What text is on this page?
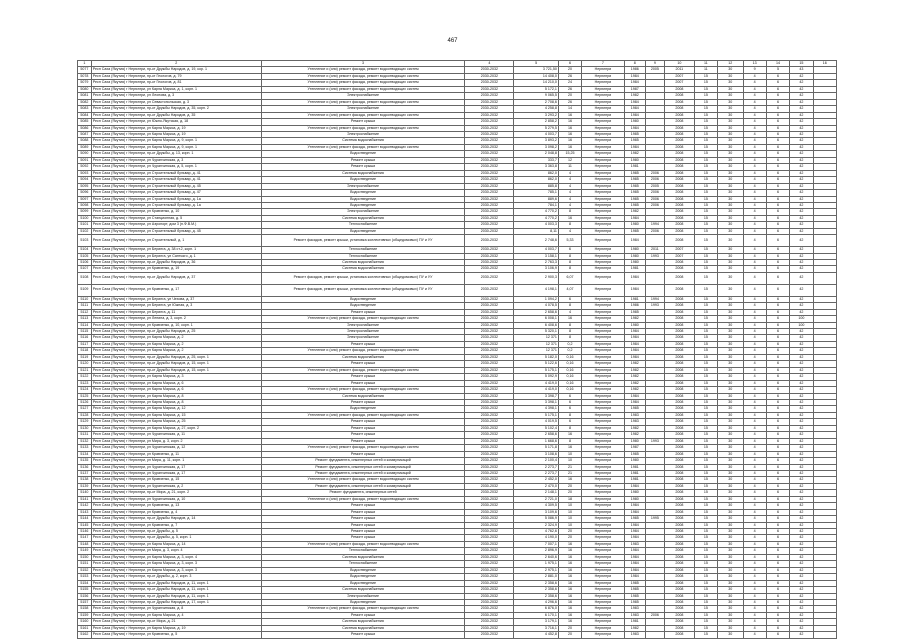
467
1	2	3	4	5	6	7	8	9	10	11	12	13	14	15	16
5077	Респ Саха (Якутия) г Нерюнгри, пр-кт Дружбы Народов, д. 19, кор. 1	Утепление и (или) ремонт фасада, ремонт водоотводящих систем	2030-2032	3 721,50	20	Нерюнгри	1986	2005	2011	11	30	9	5	43	
5078	Респ Саха (Якутия) г Нерюнгри, пр-кт Геологов, д. 79	Утепление и (или) ремонт фасада, ремонт водоотводящих систем	2030-2032	14 408,0	26	Нерюнгри	1984		2007	15	30	4	6	42	
5079	Респ Саха (Якутия) г Нерюнгри, пр-кт Геологов, д. 81	Утепление и (или) ремонт фасада, ремонт водоотводящих систем	2030-2032	14 210,0	24	Нерюнгри	1984		2007	15	30	4	6	42	
5080	Респ Саха (Якутия) г Нерюнгри, ул Карла Маркса, д. 1, корп. 1	Утепление и (или) ремонт фасада, ремонт водоотводящих систем	2030-2032	5 172,1	26	Нерюнгри	1987		2008	15	30	4	6	42	
5081	Респ Саха (Якутия) г Нерюнгри, ул Леонова, д. 3	Электроснабжение	2030-2032	9 065,5	20	Нерюнгри	1982		2008	15	30	4	6	42	
5082	Респ Саха (Якутия) г Нерюнгри, ул Севастопольская, д. 3	Утепление и (или) ремонт фасада, ремонт водоотводящих систем	2030-2032	2 708,6	26	Нерюнгри	1984		2008	15	30	4	6	42	
5083	Респ Саха (Якутия) г Нерюнгри, пр-кт Дружбы Народов, д. 35, корп. 2	Электроснабжение	2030-2032	4 258,8	14	Нерюнгри	1984		2008	15	30	4	6	42	
5084	Респ Саха (Якутия) г Нерюнгри, пр-кт Дружбы Народов, д. 35	Утепление и (или) ремонт фасада, ремонт водоотводящих систем	2030-2032	3 293,2	16	Нерюнгри	1984		2008	15	30	4	6	42	
5085	Респ Саха (Якутия) г Нерюнгри, ул Южно-Якутская, д. 18	Ремонт крыши	2030-2032	2 858,2	16	Нерюнгри	1980		2008	15	30	4	6	42	
5086	Респ Саха (Якутия) г Нерюнгри, ул Карла Маркса, д. 19	Утепление и (или) ремонт фасада, ремонт водоотводящих систем	2030-2032	5 279,5	16	Нерюнгри	1984		2008	15	30	4	6	42	
5087	Респ Саха (Якутия) г Нерюнгри, ул Карла Маркса, д. 19	Электроснабжение	2030-2032	4 003,7	16	Нерюнгри	1985		2008	15	30	4	6	42	
5088	Респ Саха (Якутия) г Нерюнгри, ул Карла Маркса, д. 9, корп. 1	Система водоснабжения	2030-2032	3 893,2	16	Нерюнгри	1985		2008	15	30	4	6	42	
5089	Респ Саха (Якутия) г Нерюнгри, ул Карла Маркса, д. 9, корп. 1	Утепление и (или) ремонт фасада, ремонт водоотводящих систем	2030-2032	3 098,2	16	Нерюнгри	1984		2008	15	30	4	6	42	
5090	Респ Саха (Якутия) г Нерюнгри, пр-кт Дружбы, д. 13, корп. 1	Водоотведение	2030-2032	2 048,8	15,25	Нерюнгри	1982		2008	15	30	4	6	42	
5091	Респ Саха (Якутия) г Нерюнгри, ул Чурапчинская, д. 3	Ремонт крыши	2030-2032	333,7	12	Нерюнгри	1980		2008	15	30	4	6	42	
5092	Респ Саха (Якутия) г Нерюнгри, ул Чурапчинская, д. 5, корп. 1	Ремонт крыши	2030-2032	3 363,8	11	Нерюнгри	1981		2008	15	30	4	6	42	
5093	Респ Саха (Якутия) г Нерюнгри, ул Строительный бульвар, д. 41	Система водоснабжения	2030-2032	862,0	4	Нерюнгри	1985	2006	2008	15	30	4	6	42	
5094	Респ Саха (Якутия) г Нерюнгри, ул Строительный бульвар, д. 41	Водоотведение	2030-2032	862,0	4	Нерюнгри	1985	2006	2008	15	30	4	6	42	
5095	Респ Саха (Якутия) г Нерюнгри, ул Строительный бульвар, д. 45	Электроснабжение	2030-2032	885,8	4	Нерюнгри	1985	2005	2008	15	30	4	6	42	
5096	Респ Саха (Якутия) г Нерюнгри, ул Строительный бульвар, д. 47	Водоотведение	2030-2032	785,1	4	Нерюнгри	1985	2006	2008	15	30	4	6	42	
5097	Респ Саха (Якутия) г Нерюнгри, ул Строительный бульвар, д. 1а	Водоотведение	2030-2032	889,6	4	Нерюнгри	1985	2006	2008	15	30	4	6	42	
5098	Респ Саха (Якутия) г Нерюнгри, ул Строительный бульвар, д. 1а	Водоотведение	2030-2032	784,1	4	Нерюнгри	1985	2006	2008	15	30	4	6	42	
5099	Респ Саха (Якутия) г Нерюнгри, ул Кравченко, д. 10	Электроснабжение	2030-2032	4 770,2	8	Нерюнгри	1982		2008	15	30	4	6	42	
5100	Респ Саха (Якутия) г Нерюнгри, ул Станционная, д. 5	Система водоснабжения	2030-2032	4 770,2	16	Нерюнгри	1984		2008	15	30	4	6	42	
5101	Респ Саха (Якутия) г Нерюнгри, ул Аэропорт, дом 3 (п.Ф.В.М.)	Теплоснабжение	2030-2032	4 003,3	8	Нерюнгри	1980	1994	2008	15	30	4	6	42	
5102	Респ Саха (Якутия) г Нерюнгри, ул Строительный бульвар, д. 45	Водоотведение	2030-2032	8,11	4	Нерюнгри	1985	2006	2008	15	30	4	6	42	
5103	Респ Саха (Якутия) г Нерюнгри, ул Строительный, д. 1	Ремонт фасадов, ремонт крыши, установка коллективных (общедомовых) ПУ и УУ	2030-2032	2 748,6	5,33	Нерюнгри	1984		2008	15	30	4	6	42	
5104	Респ Саха (Якутия) г Нерюнгри, ул Беринга, д. 38 ст.2, корп. 1	Теплоснабжение	2030-2032	4 003,7	6	Нерюнгри	1980	2011	2007	15	30	4	6	42	
5105	Респ Саха (Якутия) г Нерюнгри, ул Беринга, ул Сантьяго, д. 1	Теплоснабжение	2030-2032	3 158,1	8	Нерюнгри	1980	1993	2007	15	30	4	6	42	
5106	Респ Саха (Якутия) г Нерюнгри, пр-кт Дружбы Народов, д. 36	Система водоснабжения	2030-2032	2 763,3	8	Нерюнгри	1980		2008	15	30	4	6	42	
5107	Респ Саха (Якутия) г Нерюнгри, ул Кравченко, д. 19	Система водоснабжения	2030-2032	3 106,9	8	Нерюнгри	1981		2008	15	30	4	6	42	
5108	Респ Саха (Якутия) г Нерюнгри, пр-кт Дружбы Народов, д. 37	Ремонт фасадов, ремонт крыши, установка коллективных (общедомовых) ПУ и УУ	2030-2032	2 900,3	6,07	Нерюнгри	1984		2008	15	30	4	6	42	
5109	Респ Саха (Якутия) г Нерюнгри, ул Кравченко, д. 17	Ремонт фасадов, ремонт крыши, установка коллективных (общедомовых) ПУ и УУ	2030-2032	4 198,1	4,07	Нерюнгри	1984		2008	15	30	4	6	42	
5110	Респ Саха (Якутия) г Нерюнгри, ул Беринга, ул Чехова, д. 37	Водоотведение	2030-2032	1 094,2	6	Нерюнгри	1981	1994	2008	15	30	4	6	42	
5111	Респ Саха (Якутия) г Нерюнгри, ул Беринга, ул Южная, д. 3	Водоотведение	2030-2032	4 078,5	8	Нерюнгри	1986	1993	2008	15	30	4	6	42	
5112	Респ Саха (Якутия) г Нерюнгри, ул Беринга, д. 11	Ремонт крыши	2030-2032	2 658,6	4	Нерюнгри	1985		2008	15	30	4	6	42	
5113	Респ Саха (Якутия) г Нерюнгри, ул Ленина, д. 3, корп. 2	Утепление и (или) ремонт фасада, ремонт водоотводящих систем	2030-2032	6 008,1	16	Нерюнгри	1982		2008	15	30	4	6	100	
5114	Респ Саха (Якутия) г Нерюнгри, ул Кравченко, д. 10, корп. 1	Электроснабжение	2030-2032	6 408,6	8	Нерюнгри	1980		2008	15	30	4	6	100	
5115	Респ Саха (Якутия) г Нерюнгри, пр-кт Дружбы Народов, д. 25	Электроснабжение	2030-2032	5 320,1	8	Нерюнгри	1984		2008	15	30	4	6	42	
5116	Респ Саха (Якутия) г Нерюнгри, ул Карла Маркса, д. 2	Электроснабжение	2030-2032	12 371	8	Нерюнгри	1984		2008	15	30	4	6	42	
5117	Респ Саха (Якутия) г Нерюнгри, ул Карла Маркса, д. 2	Ремонт крыши	2030-2032	12 371	0,2	Нерюнгри	1984		2008	15	30	4	6	42	
5118	Респ Саха (Якутия) г Нерюнгри, ул Карла Маркса, д. 2	Утепление и (или) ремонт фасада, ремонт водоотводящих систем	2030-2032	12 371	0,2	Нерюнгри	1984		2008	15	30	4	6	42	
5119	Респ Саха (Якутия) г Нерюнгри, пр-кт Дружбы Народов, д. 25, корп. 1	Система водоснабжения	2030-2032	5 182,0	0,16	Нерюнгри	1984		2008	15	30	4	6	42	
5120	Респ Саха (Якутия) г Нерюнгри, пр-кт Дружбы Народов, д. 15, корп. 1	Ремонт крыши	2030-2032	5 122,6	0,16	Нерюнгри	1982		2008	15	30	4	6	42	
5121	Респ Саха (Якутия) г Нерюнгри, пр-кт Дружбы Народов, д. 15, корп. 1	Утепление и (или) ремонт фасада, ремонт водоотводящих систем	2030-2032	5 175,1	0,16	Нерюнгри	1982		2008	15	30	4	6	42	
5122	Респ Саха (Якутия) г Нерюнгри, ул Карла Маркса, д. 3	Ремонт крыши	2030-2032	5 092,9	0,16	Нерюнгри	1982		2008	15	30	4	6	42	
5123	Респ Саха (Якутия) г Нерюнгри, ул Карла Маркса, д. 6	Ремонт крыши	2030-2032	4 419,0	0,16	Нерюнгри	1982		2008	15	30	4	6	42	
5124	Респ Саха (Якутия) г Нерюнгри, ул Карла Маркса, д. 6	Утепление и (или) ремонт фасада, ремонт водоотводящих систем	2030-2032	4 419,0	0,16	Нерюнгри	1982		2008	15	30	4	6	42	
5125	Респ Саха (Якутия) г Нерюнгри, ул Карла Маркса, д. 8	Система водоснабжения	2030-2032	3 398,7	6	Нерюнгри	1984		2008	15	30	4	6	42	
5126	Респ Саха (Якутия) г Нерюнгри, ул Карла Маркса, д. 8	Ремонт крыши	2030-2032	3 398,1	6	Нерюнгри	1984		2008	15	30	4	6	42	
5127	Респ Саха (Якутия) г Нерюнгри, ул Карла Маркса, д. 12	Водоотведение	2030-2032	4 398,1	6	Нерюнгри	1985		2008	15	30	4	6	42	
5128	Респ Саха (Якутия) г Нерюнгри, ул Карла Маркса, д. 15	Утепление и (или) ремонт фасада, ремонт водоотводящих систем	2030-2032	5 175,1	8	Нерюнгри	1983		2008	15	30	4	6	42	
5129	Респ Саха (Якутия) г Нерюнгри, ул Карла Маркса, д. 25	Ремонт крыши	2030-2032	4 019,5	6	Нерюнгри	1983		2008	15	30	4	6	42	
5130	Респ Саха (Якутия) г Нерюнгри, ул Карла Маркса, д. 27, корп. 2	Ремонт крыши	2030-2032	5 102,4	8	Нерюнгри	1982		2008	15	30	4	6	42	
5131	Респ Саха (Якутия) г Нерюнгри, ул Чурапчинская, д. 11	Ремонт крыши	2030-2032	2 658,6	16	Нерюнгри	1982		2008	15	30	4	6	42	
5132	Респ Саха (Якутия) г Нерюнгри, ул Мира, д. 3, корп. 2	Ремонт крыши	2030-2032	1 668,6	8	Нерюнгри	1980	1993	2008	15	30	4	6	42	
5133	Респ Саха (Якутия) г Нерюнгри, ул Чурапчинская, д. 12	Утепление и (или) ремонт фасада, ремонт водоотводящих систем	2030-2032	5 171,8	16	Нерюнгри	1987		2008	15	30	4	6	42	
5134	Респ Саха (Якутия) г Нерюнгри, ул Кравченко, д. 11	Ремонт крыши	2030-2032	3 108,6	10	Нерюнгри	1985		2008	15	30	4	6	42	
5135	Респ Саха (Якутия) г Нерюнгри, ул Мира, д. 11, корп. 1	Ремонт фундамента, инженерных сетей и коммуникаций	2030-2032	2 100,4	10	Нерюнгри	1980		2008	15	30	4	6	42	
5136	Респ Саха (Якутия) г Нерюнгри, ул Чурапчинская, д. 17	Ремонт фундамента, инженерных сетей и коммуникаций	2030-2032	2 273,7	21	Нерюнгри	1981		2008	15	30	4	6	42	
5137	Респ Саха (Якутия) г Нерюнгри, ул Чурапчинская, д. 17	Ремонт фундамента, инженерных сетей и коммуникаций	2030-2032	2 273,7	21	Нерюнгри	1981		2008	15	30	4	6	42	
5138	Респ Саха (Якутия) г Нерюнгри, ул Кравченко, д. 15	Утепление и (или) ремонт фасада, ремонт водоотводящих систем	2030-2032	2 452,0	16	Нерюнгри	1981		2008	15	30	4	6	42	
5139	Респ Саха (Якутия) г Нерюнгри, ул Чурапчинская, д. 2	Ремонт фундамента, инженерных сетей и коммуникаций	2030-2032	2 470,0	20	Нерюнгри	1984		2008	15	30	4	6	42	
5140	Респ Саха (Якутия) г Нерюнгри, пр-кт Мира, д. 21, корп. 2	Ремонт фундамента, инженерных сетей	2030-2032	2 148,1	20	Нерюнгри	1980		2008	15	30	4	6	42	
5141	Респ Саха (Якутия) г Нерюнгри, ул Чурапчинская, д. 10	Утепление и (или) ремонт фасада, ремонт водоотводящих систем	2030-2032	2 721,0	18	Нерюнгри	1980		2008	15	30	4	6	42	
5142	Респ Саха (Якутия) г Нерюнгри, ул Кравченко, д. 13	Ремонт крыши	2030-2032	4 309,5	10	Нерюнгри	1984		2008	15	30	4	6	42	
5143	Респ Саха (Якутия) г Нерюнгри, ул Кравченко, д. 4	Ремонт крыши	2030-2032	3 109,6	10	Нерюнгри	1984		2008	15	30	4	6	42	
5144	Респ Саха (Якутия) г Нерюнгри, пр-кт Дружбы Народов, д. 14	Ремонт крыши	2030-2032	5 086,9	10	Нерюнгри	1985	1995	2008	15	30	4	6	42	
5145	Респ Саха (Якутия) г Нерюнгри, ул Кравченко, д. 7	Ремонт крыши	2030-2032	2 324,9	10	Нерюнгри	1984		2008	15	30	4	6	42	
5146	Респ Саха (Якутия) г Нерюнгри, пр-кт Дружбы, д. 5	Ремонт крыши	2030-2032	4 762,6	20	Нерюнгри	1984		2008	15	30	4	6	42	
5147	Респ Саха (Якутия) г Нерюнгри, пр-кт Дружбы, д. 5, корп. 1	Ремонт крыши	2030-2032	4 190,0	20	Нерюнгри	1984		2008	15	30	4	6	42	
5148	Респ Саха (Якутия) г Нерюнгри, ул Карла Маркса, д. 14	Утепление и (или) ремонт фасада, ремонт водоотводящих систем	2030-2032	7 007,1	16	Нерюнгри	1983		2008	15	30	4	6	42	
5149	Респ Саха (Якутия) г Нерюнгри, ул Мира, д. 3, корп. 4	Теплоснабжение	2030-2032	2 896,9	16	Нерюнгри	1984		2008	15	30	4	6	42	
5150	Респ Саха (Якутия) г Нерюнгри, ул Карла Маркса, д. 3, корп. 4	Система водоснабжения	2030-2032	2 640,6	16	Нерюнгри	1984		2008	15	30	4	6	42	
5151	Респ Саха (Якутия) г Нерюнгри, ул Карла Маркса, д. 3, корп. 3	Теплоснабжение	2030-2032	1 975,1	16	Нерюнгри	1984		2008	15	30	4	6	42	
5152	Респ Саха (Якутия) г Нерюнгри, ул Карла Маркса, д. 3, корп. 3	Водоотведение	2030-2032	2 975,1	16	Нерюнгри	1984		2008	15	30	4	6	42	
5153	Респ Саха (Якутия) г Нерюнгри, пр-кт Дружбы, д. 2, корп. 3	Водоотведение	2030-2032	2 881,0	16	Нерюнгри	1984		2008	15	30	4	6	42	
5154	Респ Саха (Якутия) г Нерюнгри, пр-кт Дружбы Народов, д. 11, корп. 1	Водоотведение	2030-2032	2 358,6	16	Нерюнгри	1985		2008	15	30	4	6	42	
5155	Респ Саха (Якутия) г Нерюнгри, пр-кт Дружбы Народов, д. 11, корп. 1	Система водоснабжения	2030-2032	2 358,6	16	Нерюнгри	1985		2008	15	30	4	6	42	
5156	Респ Саха (Якутия) г Нерюнгри, пр-кт Дружбы Народов, д. 11, корп. 1	Электроснабжение	2030-2032	2 358,6	16	Нерюнгри	1985		2008	15	30	4	6	42	
5157	Респ Саха (Якутия) г Нерюнгри, пр-кт Дружбы Народов, д. 17, корп. 1	Водоотведение	2030-2032	4 296,6	16	Нерюнгри	1985		2008	15	30	4	6	42	
5158	Респ Саха (Якутия) г Нерюнгри, ул Чурапчинская, д. 8	Утепление и (или) ремонт фасада, ремонт водоотводящих систем	2030-2032	6 876,0	16	Нерюнгри	1983		2008	15	30	4	6	42	
5159	Респ Саха (Якутия) г Нерюнгри, ул Карла Маркса, д. 4	Ремонт крыши	2030-2032	6 170,1	16	Нерюнгри	1983	2006	2008	15	30	4	6	42	
5160	Респ Саха (Якутия) г Нерюнгри, пр-кт Мира, д. 21	Система водоснабжения	2030-2032	3 179,1	16	Нерюнгри	1981		2008	15	30	4	6	42	
5161	Респ Саха (Якутия) г Нерюнгри, ул Карла Маркса, д. 19	Система водоснабжения	2030-2032	3 716,1	20	Нерюнгри	1982		2008	15	30	4	6	42	
5162	Респ Саха (Якутия) г Нерюнгри, ул Кравченко, д. 5	Ремонт крыши	2030-2032	4 452,8	20	Нерюнгри	1983		2008	15	30	4	6	42	
